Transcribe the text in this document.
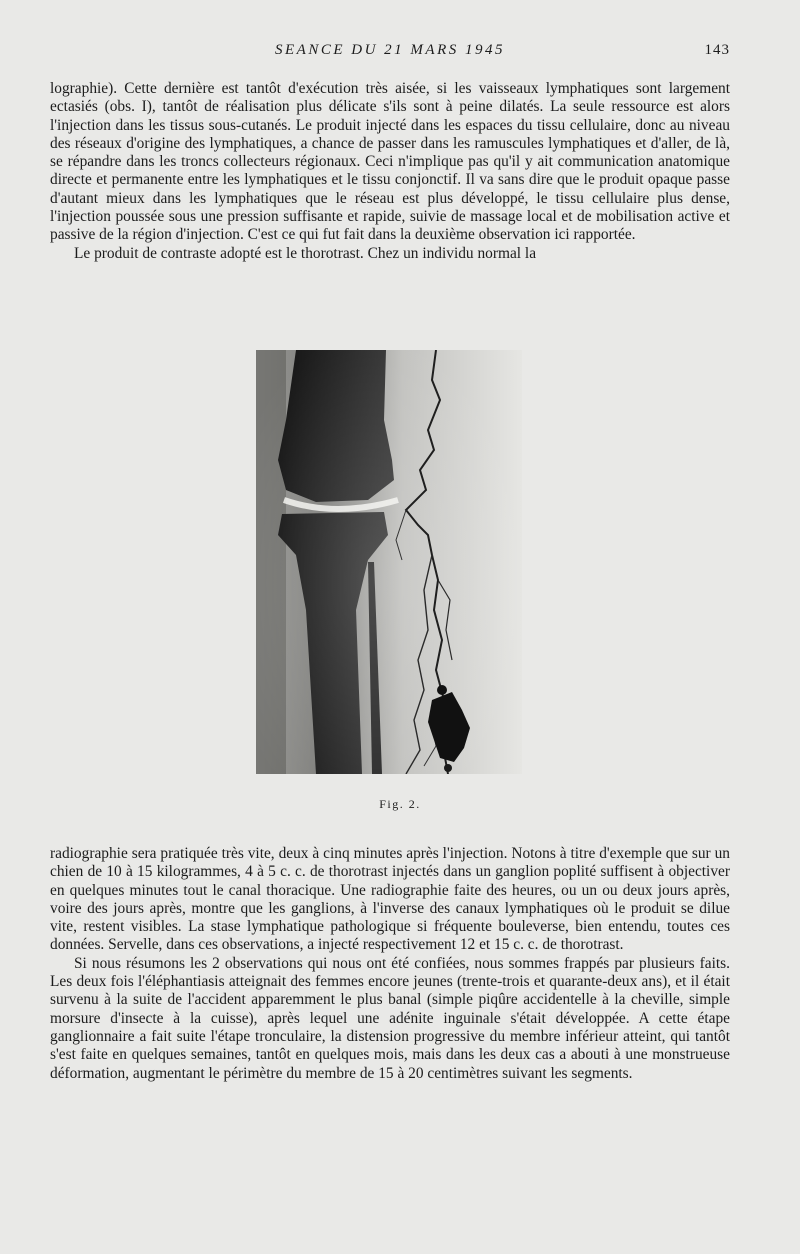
SEANCE DU 21 MARS 1945	143

lographie). Cette dernière est tantôt d'exécution très aisée, si les vaisseaux lymphatiques sont largement ectasiés (obs. I), tantôt de réalisation plus délicate s'ils sont à peine dilatés. La seule ressource est alors l'injection dans les tissus sous-cutanés. Le produit injecté dans les espaces du tissu cellulaire, donc au niveau des réseaux d'origine des lymphatiques, a chance de passer dans les ramuscules lymphatiques et d'aller, de là, se répandre dans les troncs collecteurs régionaux. Ceci n'implique pas qu'il y ait communication anatomique directe et permanente entre les lymphatiques et le tissu conjonctif. Il va sans dire que le produit opaque passe d'autant mieux dans les lymphatiques que le réseau est plus développé, le tissu cellulaire plus dense, l'injection poussée sous une pression suffisante et rapide, suivie de massage local et de mobilisation active et passive de la région d'injection. C'est ce qui fut fait dans la deuxième observation ici rapportée.

Le produit de contraste adopté est le thorotrast. Chez un individu normal la

Fig. 2.

radiographie sera pratiquée très vite, deux à cinq minutes après l'injection. Notons à titre d'exemple que sur un chien de 10 à 15 kilogrammes, 4 à 5 c. c. de thorotrast injectés dans un ganglion poplité suffisent à objectiver en quelques minutes tout le canal thoracique. Une radiographie faite des heures, ou un ou deux jours après, voire des jours après, montre que les ganglions, à l'inverse des canaux lymphatiques où le produit se dilue vite, restent visibles. La stase lymphatique pathologique si fréquente bouleverse, bien entendu, toutes ces données. Servelle, dans ces observations, a injecté respectivement 12 et 15 c. c. de thorotrast.

Si nous résumons les 2 observations qui nous ont été confiées, nous sommes frappés par plusieurs faits. Les deux fois l'éléphantiasis atteignait des femmes encore jeunes (trente-trois et quarante-deux ans), et il était survenu à la suite de l'accident apparemment le plus banal (simple piqûre accidentelle à la cheville, simple morsure d'insecte à la cuisse), après lequel une adénite inguinale s'était développée. A cette étape ganglionnaire a fait suite l'étape tronculaire, la distension progressive du membre inférieur atteint, qui tantôt s'est faite en quelques semaines, tantôt en quelques mois, mais dans les deux cas a abouti à une monstrueuse déformation, augmentant le périmètre du membre de 15 à 20 centimètres suivant les segments.
